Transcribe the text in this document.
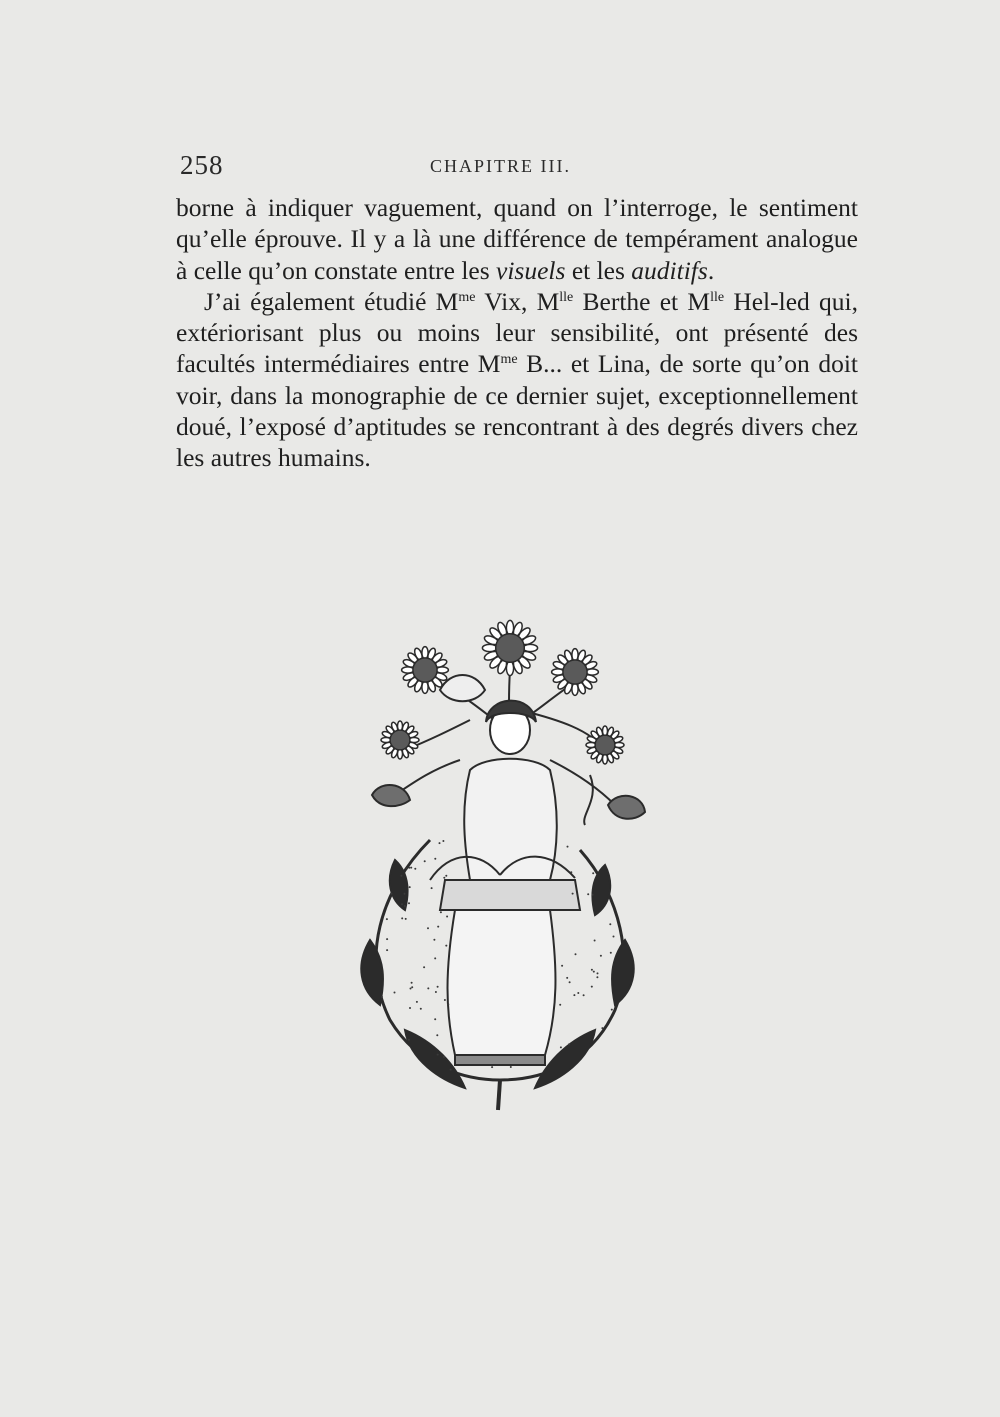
258	CHAPITRE III.

borne à indiquer vaguement, quand on l’interroge, le sentiment qu’elle éprouve. Il y a là une différence de tempérament analogue à celle qu’on constate entre les visuels et les auditifs.

J’ai également étudié $M^{me}$ Vix, $M^{lle}$ Berthe et $M^{lle}$ Hel-led qui, extériorisant plus ou moins leur sensibilité, ont présenté des facultés intermédiaires entre $M^{me}$ B... et Lina, de sorte qu’on doit voir, dans la monographie de ce dernier sujet, exceptionnellement doué, l’exposé d’aptitudes se rencontrant à des degrés divers chez les autres humains.
